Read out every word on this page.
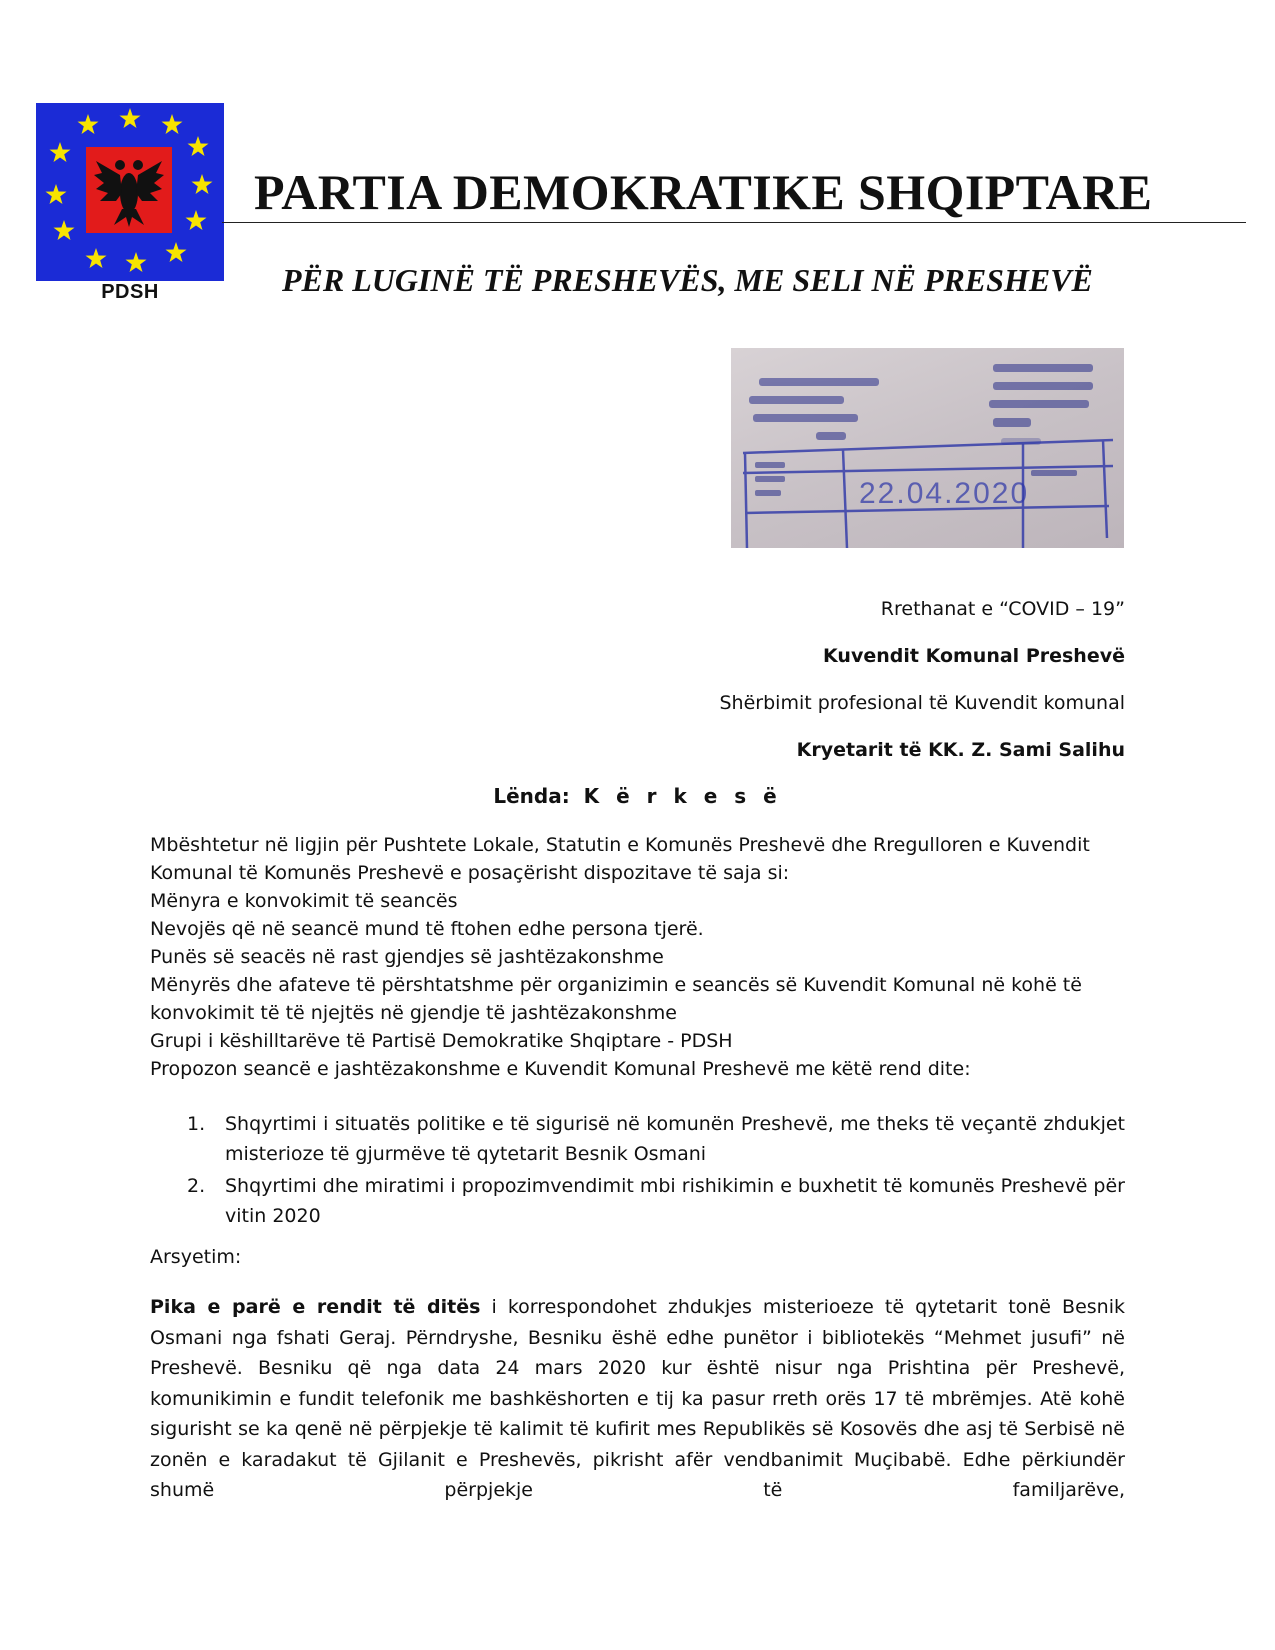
PDSH
PARTIA DEMOKRATIKE SHQIPTARE
PËR LUGINË TË PRESHEVËS, ME SELI NË PRESHEVË
22.04.2020

Rrethanat e “COVID – 19”

Kuvendit Komunal Preshevë

Shërbimit profesional të Kuvendit komunal

Kryetarit të KK. Z. Sami Salihu

Lënda: K ë r k e s ë

Mbështetur në ligjin për Pushtete Lokale, Statutin e Komunës Preshevë dhe Rregulloren e Kuvendit
Komunal të Komunës Preshevë e posaçërisht dispozitave të saja si:
Mënyra e konvokimit të seancës
Nevojës që në seancë mund të ftohen edhe persona tjerë.
Punës së seacës në rast gjendjes së jashtëzakonshme
Mënyrës dhe afateve të përshtatshme për organizimin e seancës së Kuvendit Komunal në kohë të
konvokimit të të njejtës në gjendje të jashtëzakonshme
Grupi i këshilltarëve të Partisë Demokratike Shqiptare - PDSH
Propozon seancë e jashtëzakonshme e Kuvendit Komunal Preshevë me këtë rend dite:
1. Shqyrtimi i situatës politike e të sigurisë në komunën Preshevë, me theks të veçantë zhdukjet misterioze të gjurmëve të qytetarit Besnik Osmani
2. Shqyrtimi dhe miratimi i propozimvendimit mbi rishikimin e buxhetit të komunës Preshevë për vitin 2020

Arsyetim:

Pika e parë e rendit të ditës i korrespondohet zhdukjes misterioeze të qytetarit tonë Besnik Osmani nga fshati Geraj. Përndryshe, Besniku ëshë edhe punëtor i bibliotekës “Mehmet jusufi” në Preshevë. Besniku që nga data 24 mars 2020 kur është nisur nga Prishtina për Preshevë, komunikimin e fundit telefonik me bashkëshorten e tij ka pasur rreth orës 17 të mbrëmjes. Atë kohë sigurisht se ka qenë në përpjekje të kalimit të kufirit mes Republikës së Kosovës dhe asj të Serbisë në zonën e karadakut të Gjilanit e Preshevës, pikrisht afër vendbanimit Muçibabë. Edhe përkiundër shumë përpjekje të familjarëve,
